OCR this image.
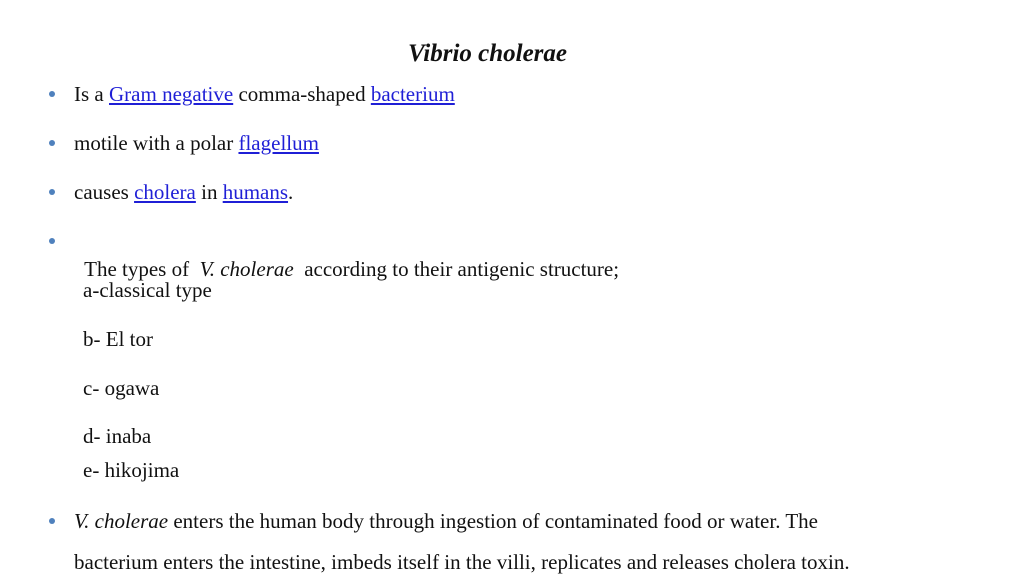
Vibrio cholerae
Is a Gram negative comma-shaped bacterium
motile with a polar flagellum
causes cholera in humans.

The types of  V. cholerae  according to their antigenic structure;

a-classical type
b- El tor
c- ogawa
d- inaba
e- hikojima
V. cholerae enters the human body through ingestion of contaminated food or water. The
bacterium enters the intestine, imbeds itself in the villi, replicates and releases cholera toxin.
